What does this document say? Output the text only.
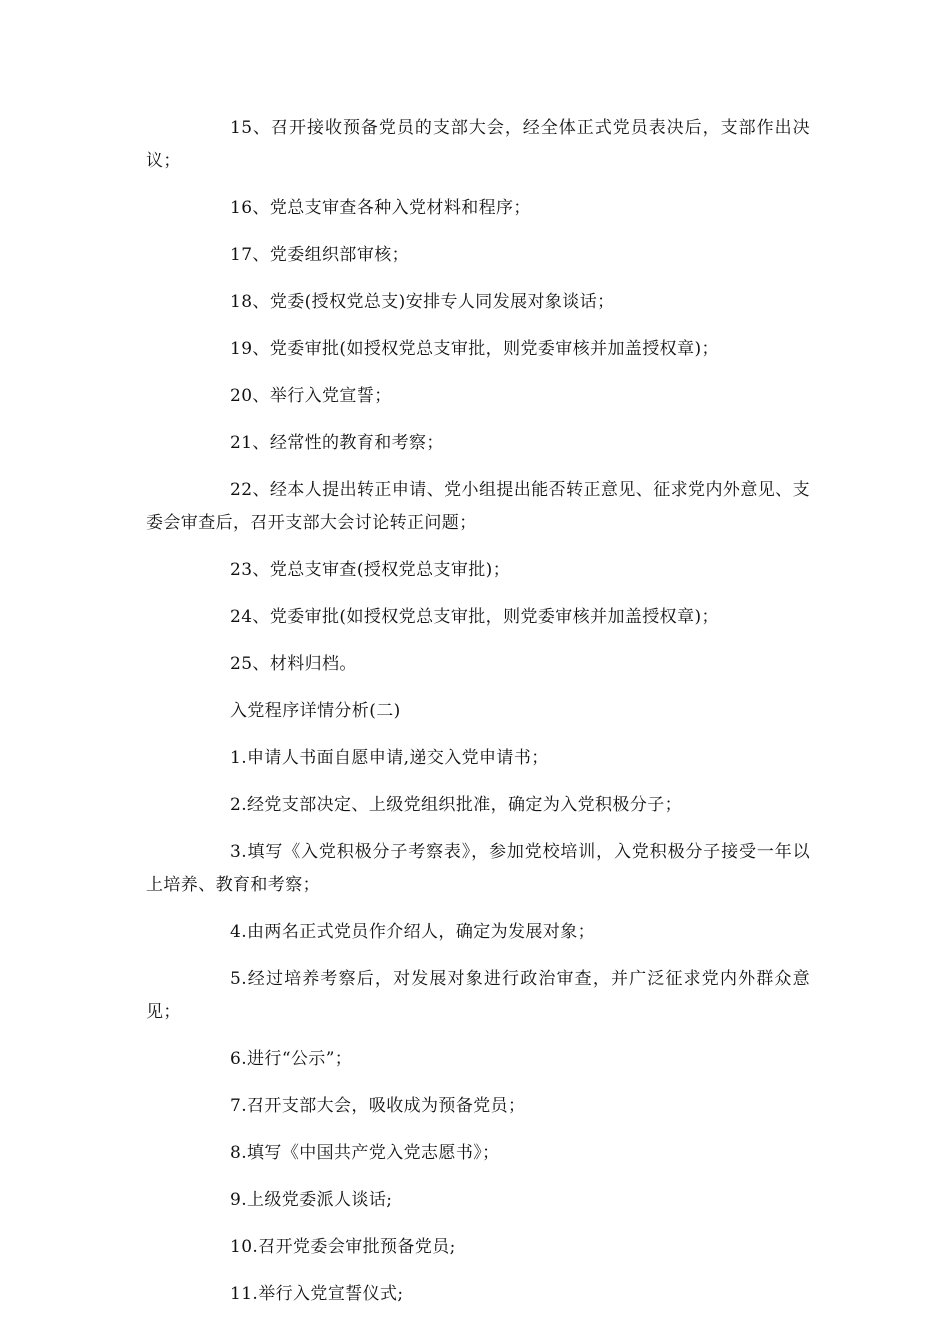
15、召开接收预备党员的支部大会，经全体正式党员表决后，支部作出决议；

16、党总支审查各种入党材料和程序；

17、党委组织部审核；

18、党委(授权党总支)安排专人同发展对象谈话；

19、党委审批(如授权党总支审批，则党委审核并加盖授权章)；

20、举行入党宣誓；

21、经常性的教育和考察；

22、经本人提出转正申请、党小组提出能否转正意见、征求党内外意见、支委会审查后，召开支部大会讨论转正问题；

23、党总支审查(授权党总支审批)；

24、党委审批(如授权党总支审批，则党委审核并加盖授权章)；

25、材料归档。

入党程序详情分析(二)

1.申请人书面自愿申请,递交入党申请书；

2.经党支部决定、上级党组织批准，确定为入党积极分子；

3.填写《入党积极分子考察表》，参加党校培训，入党积极分子接受一年以上培养、教育和考察；

4.由两名正式党员作介绍人，确定为发展对象；

5.经过培养考察后，对发展对象进行政治审查，并广泛征求党内外群众意见；

6.进行“公示”；

7.召开支部大会，吸收成为预备党员；

8.填写《中国共产党入党志愿书》；

9.上级党委派人谈话;

10.召开党委会审批预备党员;

11.举行入党宣誓仪式;
